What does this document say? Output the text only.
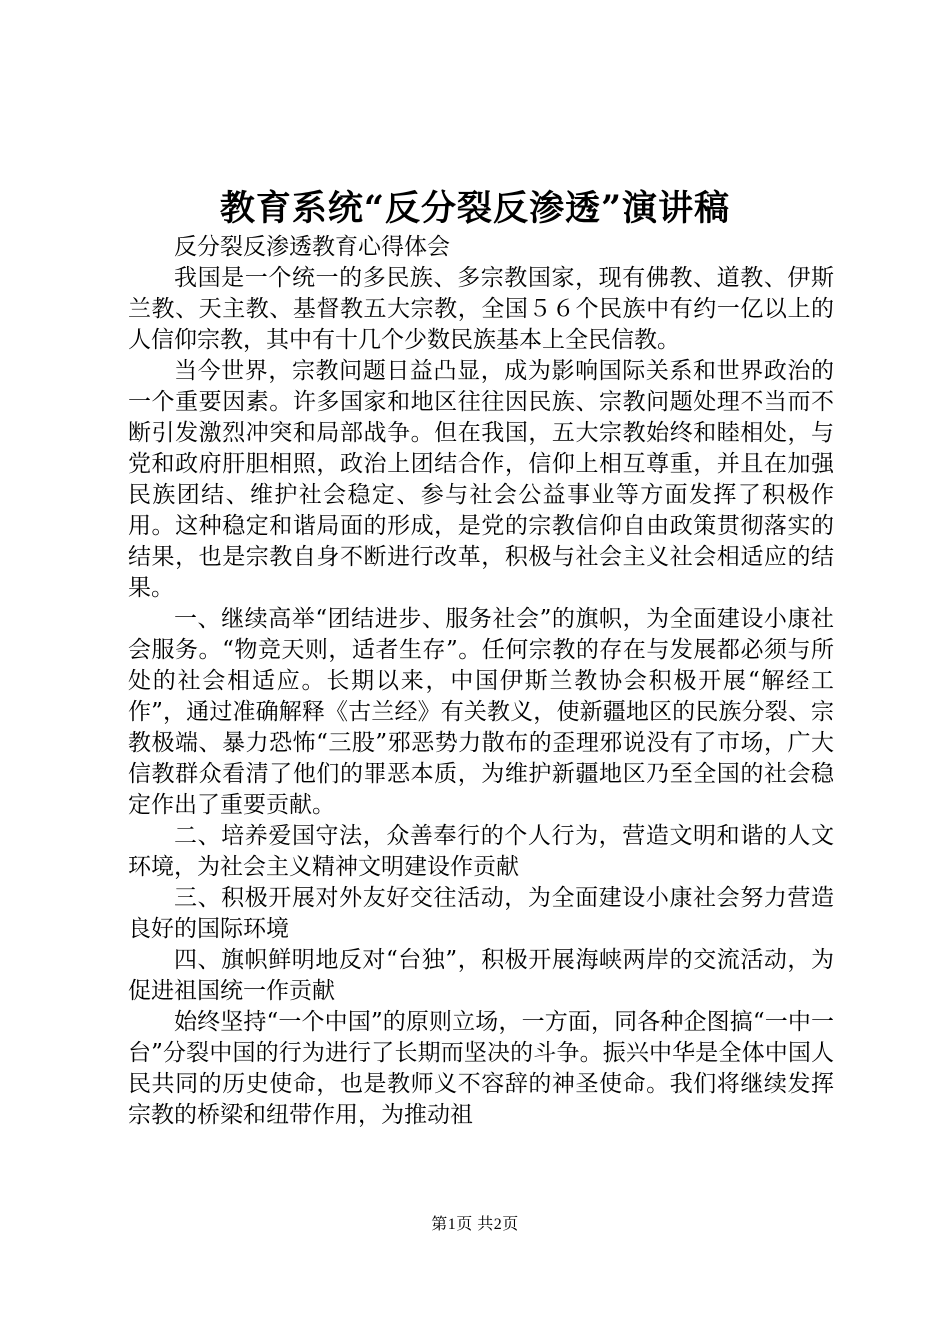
教育系统“反分裂反渗透”演讲稿

反分裂反渗透教育心得体会

我国是一个统一的多民族、多宗教国家，现有佛教、道教、伊斯兰教、天主教、基督教五大宗教，全国５６个民族中有约一亿以上的人信仰宗教，其中有十几个少数民族基本上全民信教。

当今世界，宗教问题日益凸显，成为影响国际关系和世界政治的一个重要因素。许多国家和地区往往因民族、宗教问题处理不当而不断引发激烈冲突和局部战争。但在我国，五大宗教始终和睦相处，与党和政府肝胆相照，政治上团结合作，信仰上相互尊重，并且在加强民族团结、维护社会稳定、参与社会公益事业等方面发挥了积极作用。这种稳定和谐局面的形成，是党的宗教信仰自由政策贯彻落实的结果，也是宗教自身不断进行改革，积极与社会主义社会相适应的结果。

一、继续高举“团结进步、服务社会”的旗帜，为全面建设小康社会服务。“物竞天则，适者生存”。任何宗教的存在与发展都必须与所处的社会相适应。长期以来，中国伊斯兰教协会积极开展“解经工作”，通过准确解释《古兰经》有关教义，使新疆地区的民族分裂、宗教极端、暴力恐怖“三股”邪恶势力散布的歪理邪说没有了市场，广大信教群众看清了他们的罪恶本质，为维护新疆地区乃至全国的社会稳定作出了重要贡献。

二、培养爱国守法，众善奉行的个人行为，营造文明和谐的人文环境，为社会主义精神文明建设作贡献

三、积极开展对外友好交往活动，为全面建设小康社会努力营造良好的国际环境

四、旗帜鲜明地反对“台独”，积极开展海峡两岸的交流活动，为促进祖国统一作贡献

始终坚持“一个中国”的原则立场，一方面，同各种企图搞“一中一台”分裂中国的行为进行了长期而坚决的斗争。振兴中华是全体中国人民共同的历史使命，也是教师义不容辞的神圣使命。我们将继续发挥宗教的桥梁和纽带作用，为推动祖

第1页 共2页
